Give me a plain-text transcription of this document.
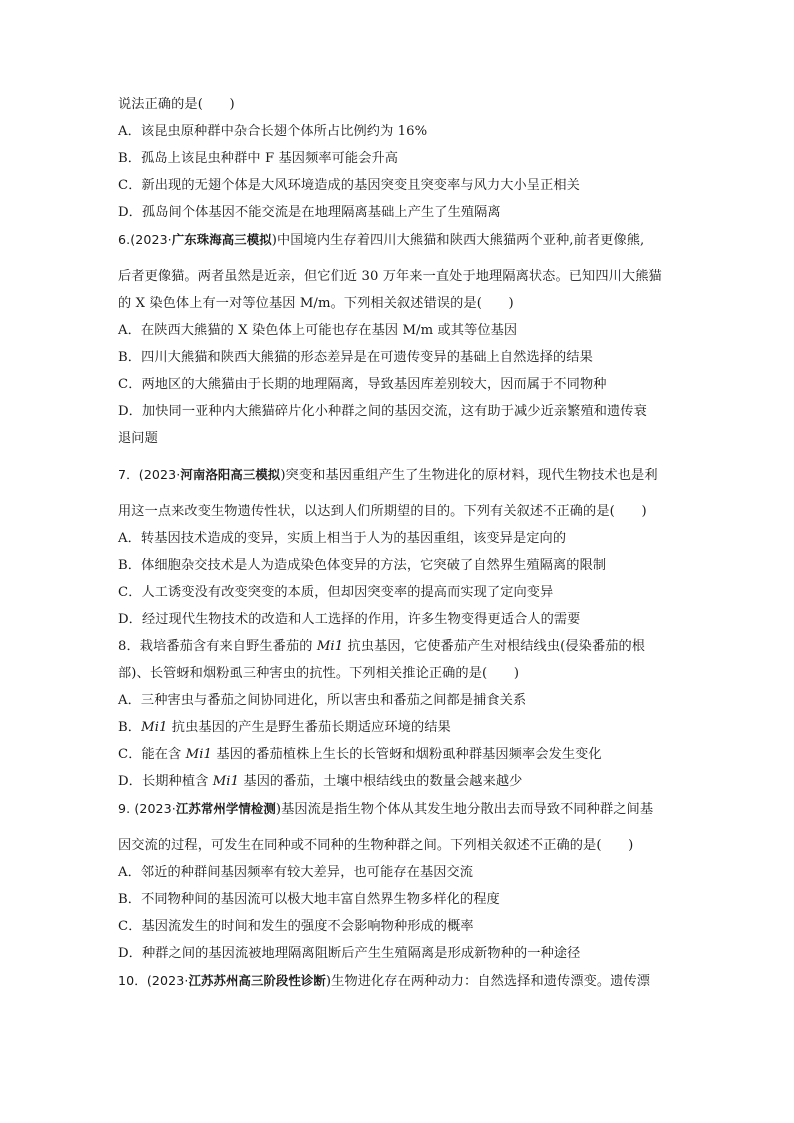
说法正确的是(　　)
A．该昆虫原种群中杂合长翅个体所占比例约为 16%
B．孤岛上该昆虫种群中 F 基因频率可能会升高
C．新出现的无翅个体是大风环境造成的基因突变且突变率与风力大小呈正相关
D．孤岛间个体基因不能交流是在地理隔离基础上产生了生殖隔离
6.(2023·广东珠海高三模拟)中国境内生存着四川大熊猫和陕西大熊猫两个亚种,前者更像熊,
后者更像猫。两者虽然是近亲，但它们近 30 万年来一直处于地理隔离状态。已知四川大熊猫
的 X 染色体上有一对等位基因 M/m。下列相关叙述错误的是(　　)
A．在陕西大熊猫的 X 染色体上可能也存在基因 M/m 或其等位基因
B．四川大熊猫和陕西大熊猫的形态差异是在可遗传变异的基础上自然选择的结果
C．两地区的大熊猫由于长期的地理隔离，导致基因库差别较大，因而属于不同物种
D．加快同一亚种内大熊猫碎片化小种群之间的基因交流，这有助于减少近亲繁殖和遗传衰
退问题
7．(2023·河南洛阳高三模拟)突变和基因重组产生了生物进化的原材料，现代生物技术也是利
用这一点来改变生物遗传性状，以达到人们所期望的目的。下列有关叙述不正确的是(　　)
A．转基因技术造成的变异，实质上相当于人为的基因重组，该变异是定向的
B．体细胞杂交技术是人为造成染色体变异的方法，它突破了自然界生殖隔离的限制
C．人工诱变没有改变突变的本质，但却因突变率的提高而实现了定向变异
D．经过现代生物技术的改造和人工选择的作用，许多生物变得更适合人的需要
8．栽培番茄含有来自野生番茄的 Mi1 抗虫基因，它使番茄产生对根结线虫(侵染番茄的根
部)、长管蚜和烟粉虱三种害虫的抗性。下列相关推论正确的是(　　)
A．三种害虫与番茄之间协同进化，所以害虫和番茄之间都是捕食关系
B．Mi1 抗虫基因的产生是野生番茄长期适应环境的结果
C．能在含 Mi1 基因的番茄植株上生长的长管蚜和烟粉虱种群基因频率会发生变化
D．长期种植含 Mi1 基因的番茄，土壤中根结线虫的数量会越来越少
9. (2023·江苏常州学情检测)基因流是指生物个体从其发生地分散出去而导致不同种群之间基
因交流的过程，可发生在同种或不同种的生物种群之间。下列相关叙述不正确的是(　　)
A．邻近的种群间基因频率有较大差异，也可能存在基因交流
B．不同物种间的基因流可以极大地丰富自然界生物多样化的程度
C．基因流发生的时间和发生的强度不会影响物种形成的概率
D．种群之间的基因流被地理隔离阻断后产生生殖隔离是形成新物种的一种途径
10．(2023·江苏苏州高三阶段性诊断)生物进化存在两种动力：自然选择和遗传漂变。遗传漂
